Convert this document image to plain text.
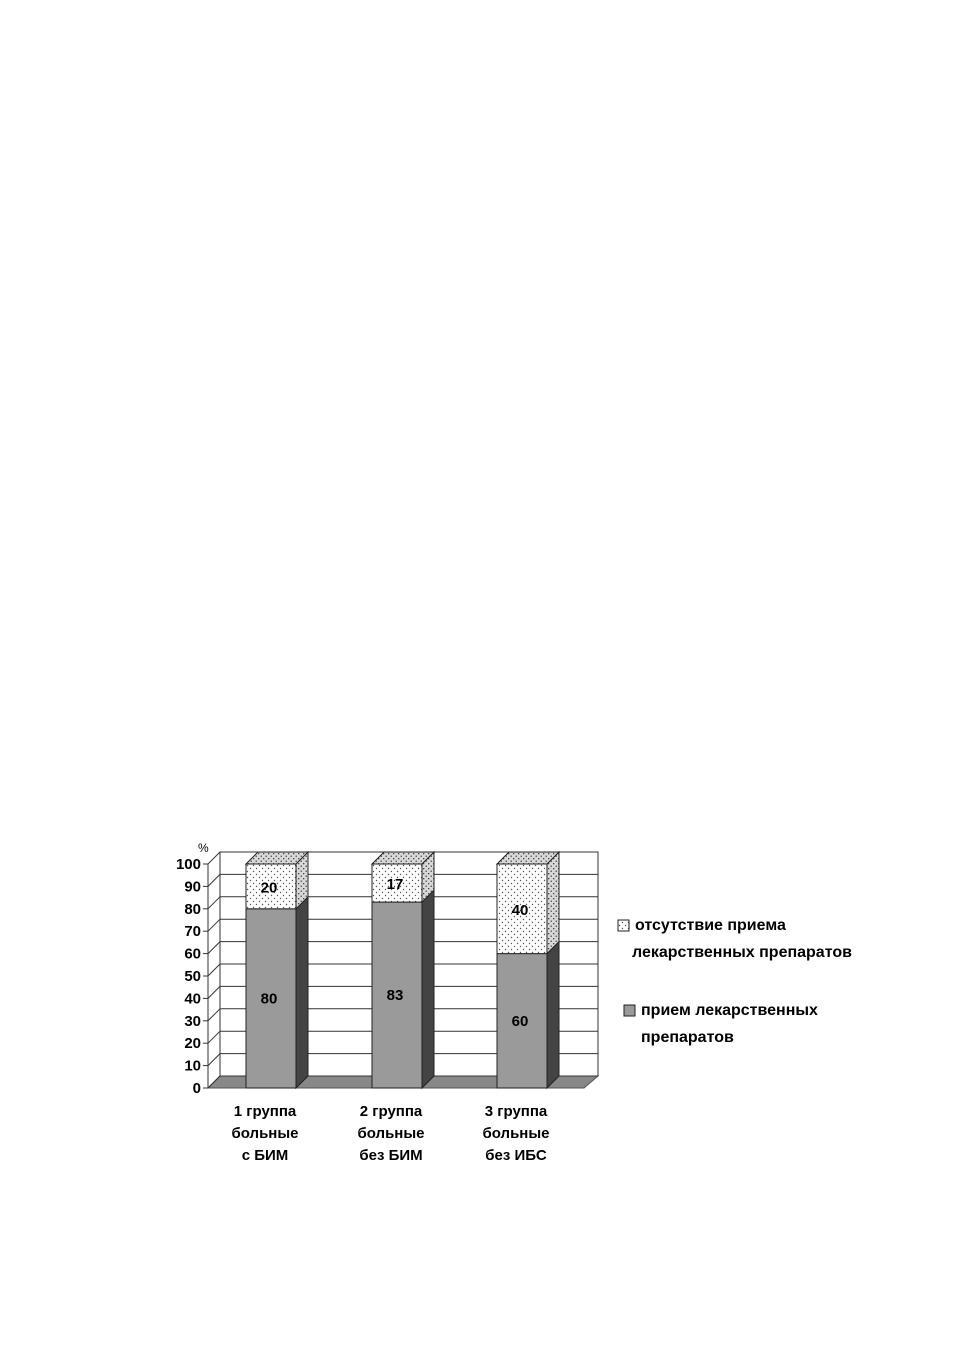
0
10
20
30
40
50
60
70
80
90
100
%
80
20
1 группа
больные
с БИМ
83
17
2 группа
больные
без БИМ
60
40
3 группа
больные
без ИБС
отсутствие приема
лекарственных препаратов
прием лекарственных
препаратов
